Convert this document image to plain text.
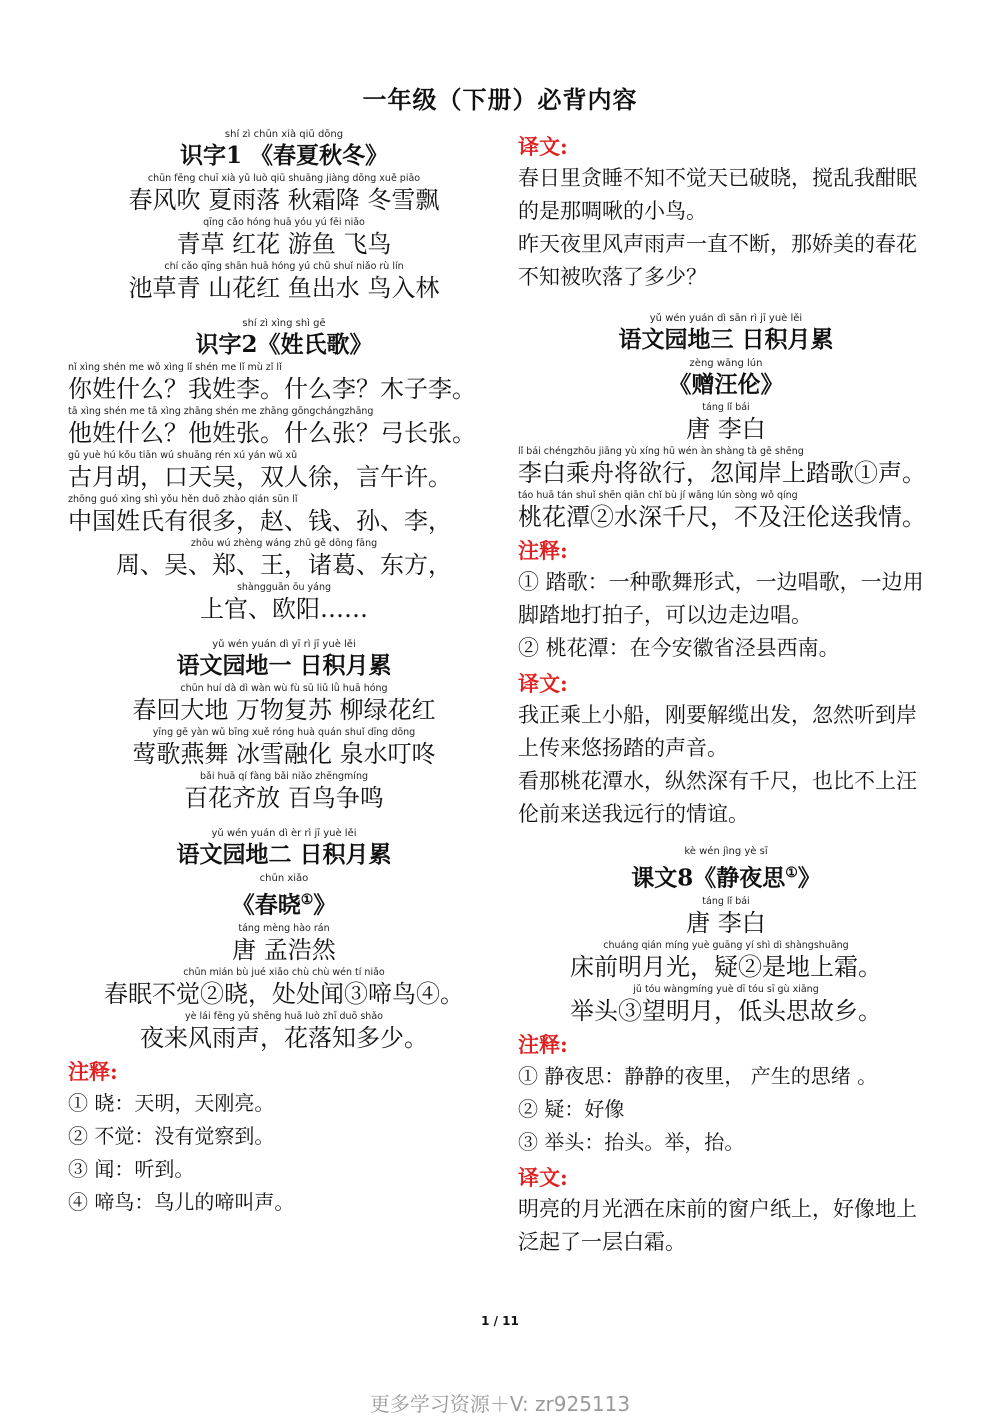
一年级（下册）必背内容
shí zì chūn xià qiū dōng
识字1 《春夏秋冬》
chūn fēng chuī xià yǔ luò qiū shuāng jiàng dōng xuě piāo
春风吹 夏雨落 秋霜降 冬雪飘
qīng cǎo hóng huā yóu yú fēi niǎo
青草 红花 游鱼 飞鸟
chí cǎo qīng shān huā hóng yú chū shuǐ niǎo rù lín
池草青 山花红 鱼出水 鸟入林
shí zì xìng shì gē
识字2《姓氏歌》
nǐ xìng shén me wǒ xìng lǐ shén me lǐ mù zǐ lǐ
你姓什么？我姓李。什么李？木子李。
tā xìng shén me tā xìng zhāng shén me zhāng gōngchángzhāng
他姓什么？他姓张。什么张？弓长张。
gǔ yuè hú kǒu tiān wú shuāng rén xú yán wǔ xǔ
古月胡，口天吴，双人徐，言午许。
zhōng guó xìng shì yǒu hěn duō zhào qián sūn lǐ
中国姓氏有很多，赵、钱、孙、李，
zhōu wú zhèng wáng zhū gě dōng fāng
周、吴、郑、王，诸葛、东方，
shàngguān ōu yáng
上官、欧阳……
yǔ wén yuán dì yī rì jī yuè lěi
语文园地一 日积月累
chūn huí dà dì wàn wù fù sū liǔ lǜ huā hóng
春回大地 万物复苏 柳绿花红
yīng gē yàn wǔ bīng xuě róng huà quán shuǐ dīng dōng
莺歌燕舞 冰雪融化 泉水叮咚
bǎi huā qí fàng bǎi niǎo zhēngmíng
百花齐放 百鸟争鸣
yǔ wén yuán dì èr rì jī yuè lěi
语文园地二 日积月累
chūn xiǎo
《春晓①》
táng mèng hào rán
唐 孟浩然
chūn mián bù jué xiǎo chù chù wén tí niǎo
春眠不觉②晓，处处闻③啼鸟④。
yè lái fēng yǔ shēng huā luò zhī duō shǎo
夜来风雨声，花落知多少。
注释:
① 晓：天明，天刚亮。
② 不觉：没有觉察到。
③ 闻：听到。
④ 啼鸟：鸟儿的啼叫声。
译文:
春日里贪睡不知不觉天已破晓，搅乱我酣眠的是那啁啾的小鸟。
昨天夜里风声雨声一直不断，那娇美的春花不知被吹落了多少？
yǔ wén yuán dì sān rì jī yuè lěi
语文园地三 日积月累
zèng wāng lún
《赠汪伦》
táng lǐ bái
唐 李白
lǐ bái chéngzhōu jiāng yù xíng hū wén àn shàng tà gē shēng
李白乘舟将欲行，忽闻岸上踏歌①声。
táo huā tán shuǐ shēn qiān chǐ bù jí wāng lún sòng wǒ qíng
桃花潭②水深千尺，不及汪伦送我情。
注释:
① 踏歌：一种歌舞形式，一边唱歌，一边用脚踏地打拍子，可以边走边唱。
② 桃花潭：在今安徽省泾县西南。
译文:
我正乘上小船，刚要解缆出发，忽然听到岸上传来悠扬踏的声音。
看那桃花潭水，纵然深有千尺，也比不上汪伦前来送我远行的情谊。
kè wén jìng yè sī
课文8《静夜思①》
táng lǐ bái
唐 李白
chuáng qián míng yuè guāng yí shì dì shàngshuāng
床前明月光，疑②是地上霜。
jǔ tóu wàngmíng yuè dī tóu sī gù xiāng
举头③望明月，低头思故乡。
注释:
① 静夜思：静静的夜里， 产生的思绪 。
② 疑：好像
③ 举头：抬头。举，抬。
译文:
明亮的月光洒在床前的窗户纸上，好像地上泛起了一层白霜。
1 / 11
更多学习资源＋V: zr925113
